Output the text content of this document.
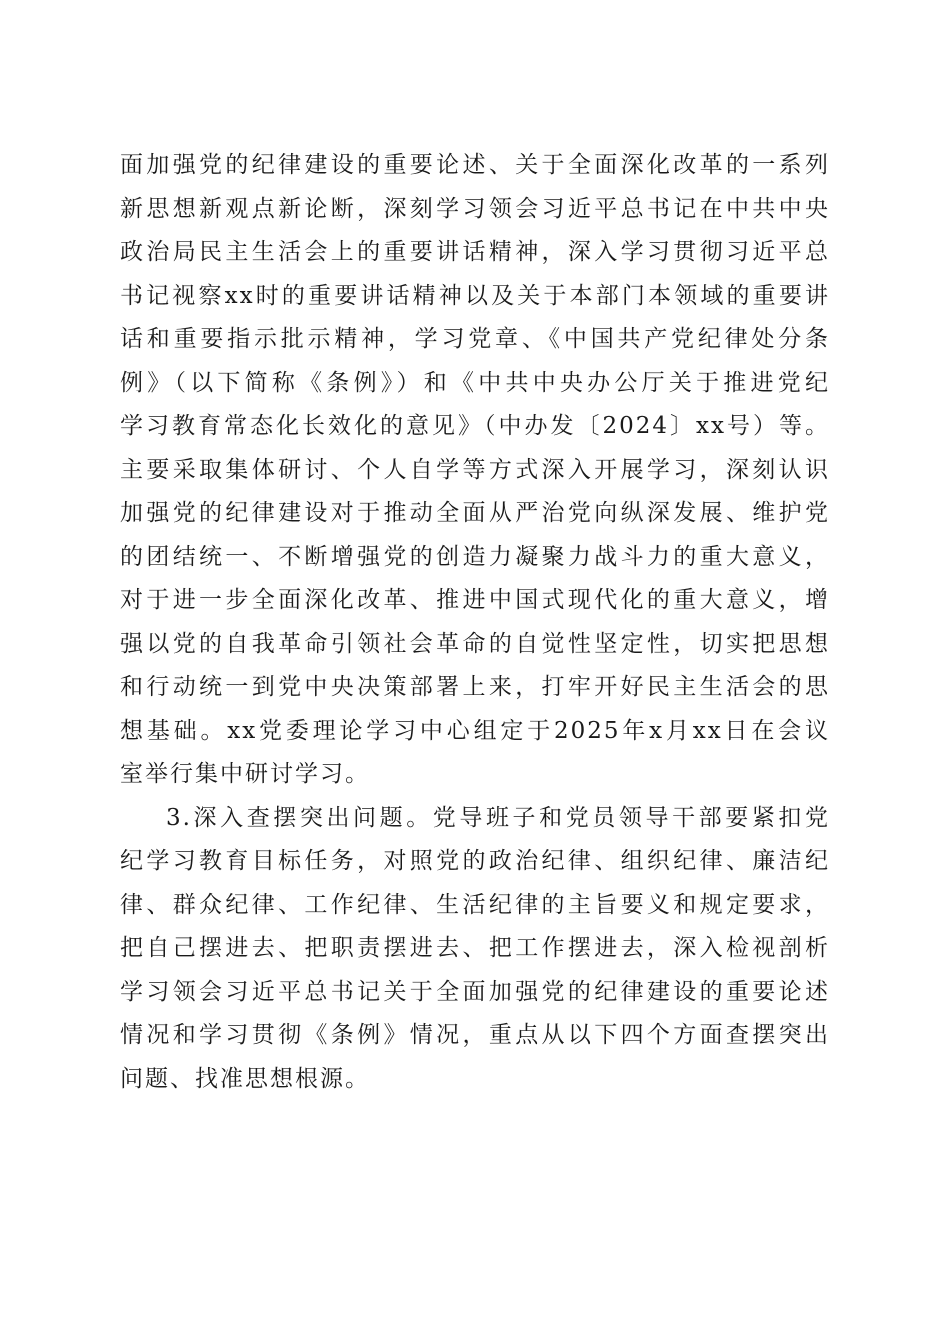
面加强党的纪律建设的重要论述、关于全面深化改革的一系列
新思想新观点新论断，深刻学习领会习近平总书记在中共中央
政治局民主生活会上的重要讲话精神，深入学习贯彻习近平总
书记视察xx时的重要讲话精神以及关于本部门本领域的重要讲
话和重要指示批示精神，学习党章、《中国共产党纪律处分条
例》（以下简称《条例》）和《中共中央办公厅关于推进党纪
学习教育常态化长效化的意见》（中办发〔2024〕xx号）等。
主要采取集体研讨、个人自学等方式深入开展学习，深刻认识
加强党的纪律建设对于推动全面从严治党向纵深发展、维护党
的团结统一、不断增强党的创造力凝聚力战斗力的重大意义，
对于进一步全面深化改革、推进中国式现代化的重大意义，增
强以党的自我革命引领社会革命的自觉性坚定性，切实把思想
和行动统一到党中央决策部署上来，打牢开好民主生活会的思
想基础。xx党委理论学习中心组定于2025年x月xx日在会议
室举行集中研讨学习。
3.深入查摆突出问题。党导班子和党员领导干部要紧扣党
纪学习教育目标任务，对照党的政治纪律、组织纪律、廉洁纪
律、群众纪律、工作纪律、生活纪律的主旨要义和规定要求，
把自己摆进去、把职责摆进去、把工作摆进去，深入检视剖析
学习领会习近平总书记关于全面加强党的纪律建设的重要论述
情况和学习贯彻《条例》情况，重点从以下四个方面查摆突出
问题、找准思想根源。
